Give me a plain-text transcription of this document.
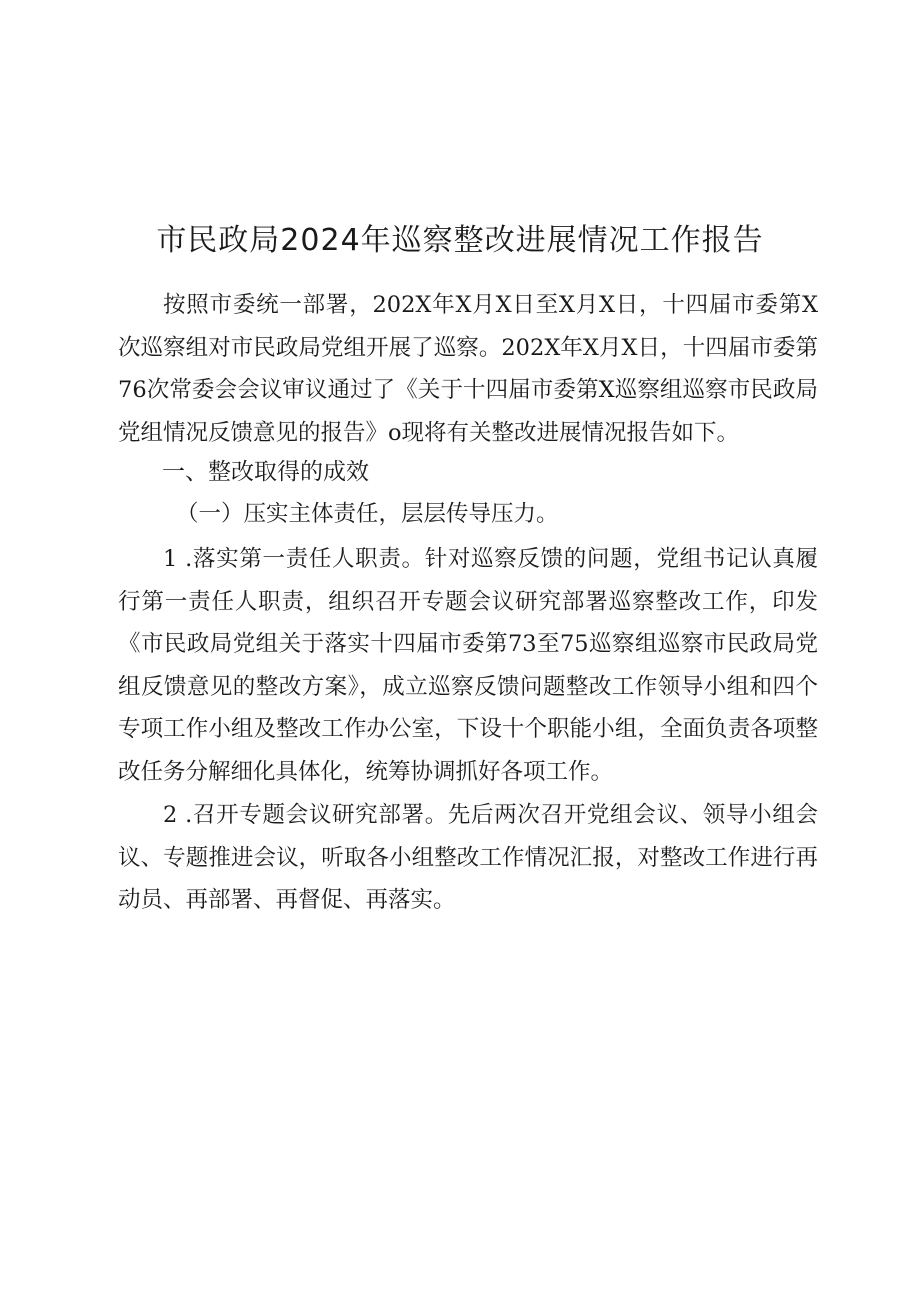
市民政局2024年巡察整改进展情况工作报告

按照市委统一部署，202X年X月X日至X月X日，十四届市委第X次巡察组对市民政局党组开展了巡察。202X年X月X日，十四届市委第76次常委会会议审议通过了《关于十四届市委第X巡察组巡察市民政局党组情况反馈意见的报告》o现将有关整改进展情况报告如下。

一、整改取得的成效
（一）压实主体责任，层层传导压力。

1 .落实第一责任人职责。针对巡察反馈的问题，党组书记认真履行第一责任人职责，组织召开专题会议研究部署巡察整改工作，印发《市民政局党组关于落实十四届市委第73至75巡察组巡察市民政局党组反馈意见的整改方案》，成立巡察反馈问题整改工作领导小组和四个专项工作小组及整改工作办公室，下设十个职能小组，全面负责各项整改任务分解细化具体化，统筹协调抓好各项工作。

2 .召开专题会议研究部署。先后两次召开党组会议、领导小组会议、专题推进会议，听取各小组整改工作情况汇报，对整改工作进行再动员、再部署、再督促、再落实。
